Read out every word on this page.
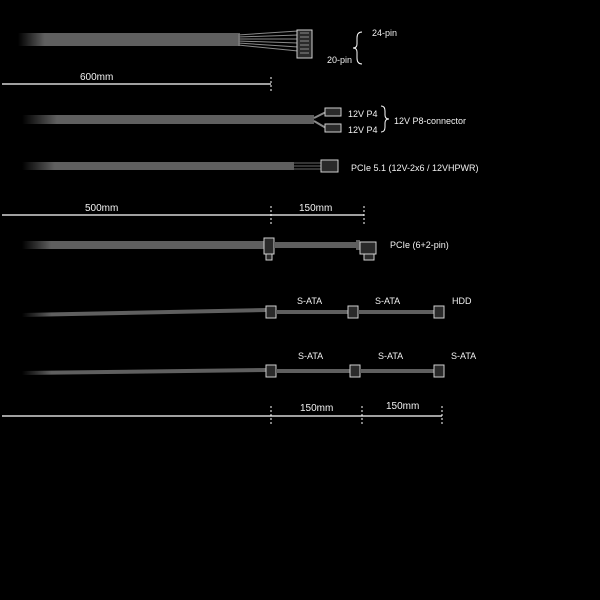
24-pin
20-pin
600mm
12V P4
12V P4
12V P8-connector
PCIe 5.1 (12V-2x6 / 12VHPWR)
500mm	150mm
PCIe (6+2-pin)
S-ATA	S-ATA	HDD
S-ATA	S-ATA	S-ATA
150mm	150mm
